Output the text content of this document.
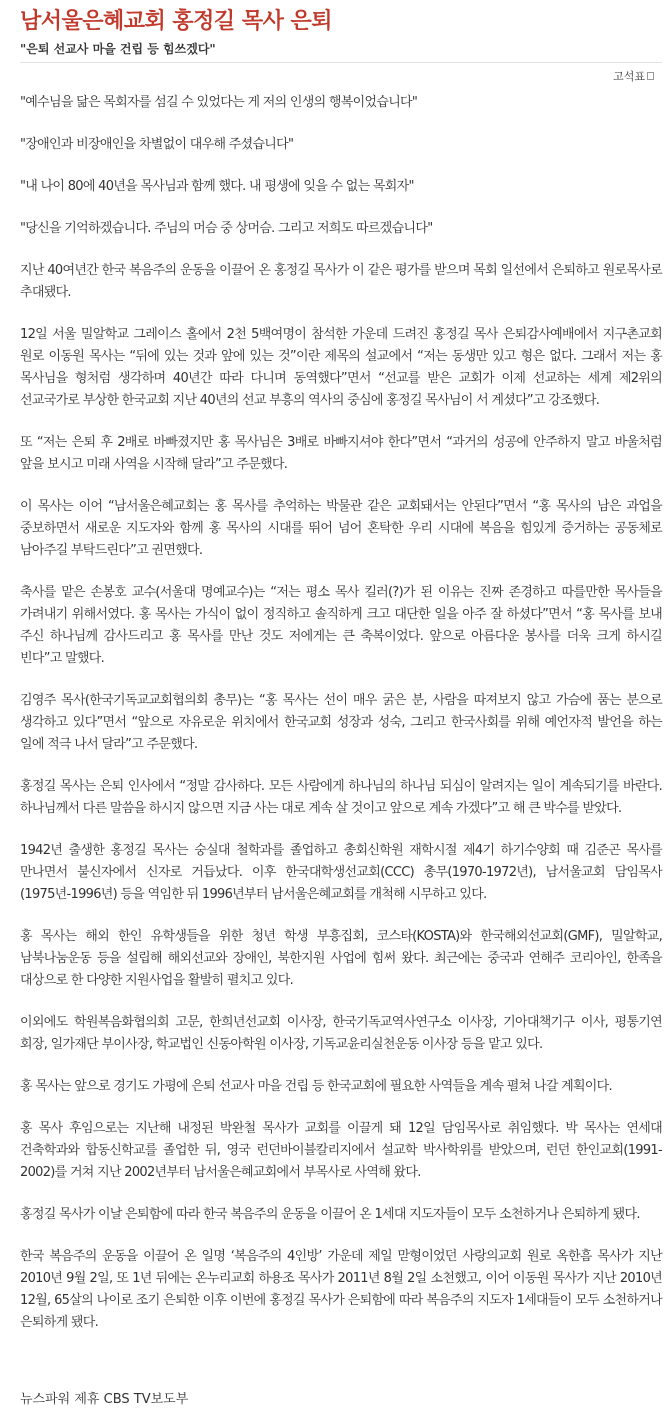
남서울은혜교회 홍정길 목사 은퇴
"은퇴 선교사 마을 건립 등 힘쓰겠다"
고석표

"예수님을 닮은 목회자를 섬길 수 있었다는 게 저의 인생의 행복이었습니다"

"장애인과 비장애인을 차별없이 대우해 주셨습니다"

"내 나이 80에 40년을 목사님과 함께 했다. 내 평생에 잊을 수 없는 목회자"

"당신을 기억하겠습니다. 주님의 머슴 중 상머슴. 그리고 저희도 따르겠습니다"

지난 40여년간 한국 복음주의 운동을 이끌어 온 홍정길 목사가 이 같은 평가를 받으며 목회 일선에서 은퇴하고 원로목사로 추대됐다.

12일 서울 밀알학교 그레이스 홀에서 2천 5백여명이 참석한 가운데 드려진 홍정길 목사 은퇴감사예배에서 지구촌교회 원로 이동원 목사는 “뒤에 있는 것과 앞에 있는 것”이란 제목의 설교에서 “저는 동생만 있고 형은 없다. 그래서 저는 홍 목사님을 형처럼 생각하며 40년간 따라 다니며 동역했다”면서 “선교를 받은 교회가 이제 선교하는 세계 제2위의 선교국가로 부상한 한국교회 지난 40년의 선교 부흥의 역사의 중심에 홍정길 목사님이 서 계셨다”고 강조했다.

또 “저는 은퇴 후 2배로 바빠졌지만 홍 목사님은 3배로 바빠지셔야 한다”면서 “과거의 성공에 안주하지 말고 바울처럼 앞을 보시고 미래 사역을 시작해 달라”고 주문했다.

이 목사는 이어 “남서울은혜교회는 홍 목사를 추억하는 박물관 같은 교회돼서는 안된다”면서 “홍 목사의 남은 과업을 중보하면서 새로운 지도자와 함께 홍 목사의 시대를 뛰어 넘어 혼탁한 우리 시대에 복음을 힘있게 증거하는 공동체로 남아주길 부탁드린다”고 권면했다.

축사를 맡은 손봉호 교수(서울대 명예교수)는 “저는 평소 목사 킬러(?)가 된 이유는 진짜 존경하고 따를만한 목사들을 가려내기 위해서였다. 홍 목사는 가식이 없이 정직하고 솔직하게 크고 대단한 일을 아주 잘 하셨다”면서 “홍 목사를 보내 주신 하나님께 감사드리고 홍 목사를 만난 것도 저에게는 큰 축복이었다. 앞으로 아름다운 봉사를 더욱 크게 하시길 빈다”고 말했다.

김영주 목사(한국기독교교회협의회 총무)는 “홍 목사는 선이 매우 굵은 분, 사람을 따져보지 않고 가슴에 품는 분으로 생각하고 있다”면서 “앞으로 자유로운 위치에서 한국교회 성장과 성숙, 그리고 한국사회를 위해 예언자적 발언을 하는 일에 적극 나서 달라”고 주문했다.

홍정길 목사는 은퇴 인사에서 “정말 감사하다. 모든 사람에게 하나님의 하나님 되심이 알려지는 일이 계속되기를 바란다. 하나님께서 다른 말씀을 하시지 않으면 지금 사는 대로 계속 살 것이고 앞으로 계속 가겠다”고 해 큰 박수를 받았다.

1942년 출생한 홍정길 목사는 숭실대 철학과를 졸업하고 총회신학원 재학시절 제4기 하기수양회 때 김준곤 목사를 만나면서 불신자에서 신자로 거듭났다. 이후 한국대학생선교회(CCC) 총무(1970-1972년), 남서울교회 담임목사(1975년-1996년) 등을 역임한 뒤 1996년부터 남서울은혜교회를 개척해 시무하고 있다.

홍 목사는 해외 한인 유학생들을 위한 청년 학생 부흥집회, 코스타(KOSTA)와 한국해외선교회(GMF), 밀알학교, 남북나눔운동 등을 설립해 해외선교와 장애인, 북한지원 사업에 힘써 왔다. 최근에는 중국과 연해주 코리아인, 한족을 대상으로 한 다양한 지원사업을 활발히 펼치고 있다.

이외에도 학원복음화협의회 고문, 한희년선교회 이사장, 한국기독교역사연구소 이사장, 기아대책기구 이사, 평통기연 회장, 일가재단 부이사장, 학교법인 신동아학원 이사장, 기독교윤리실천운동 이사장 등을 맡고 있다.

홍 목사는 앞으로 경기도 가평에 은퇴 선교사 마을 건립 등 한국교회에 필요한 사역들을 계속 펼쳐 나갈 계획이다.

홍 목사 후임으로는 지난해 내정된 박완철 목사가 교회를 이끌게 돼 12일 담임목사로 취임했다. 박 목사는 연세대 건축학과와 합동신학교를 졸업한 뒤, 영국 런던바이블칼리지에서 설교학 박사학위를 받았으며, 런던 한인교회(1991-2002)를 거쳐 지난 2002년부터 남서울은혜교회에서 부목사로 사역해 왔다.

홍정길 목사가 이날 은퇴함에 따라 한국 복음주의 운동을 이끌어 온 1세대 지도자들이 모두 소천하거나 은퇴하게 됐다.

한국 복음주의 운동을 이끌어 온 일명 ‘복음주의 4인방’ 가운데 제일 맏형이었던 사랑의교회 원로 옥한흠 목사가 지난 2010년 9월 2일, 또 1년 뒤에는 온누리교회 하용조 목사가 2011년 8월 2일 소천했고, 이어 이동원 목사가 지난 2010년 12월, 65살의 나이로 조기 은퇴한 이후 이번에 홍정길 목사가 은퇴함에 따라 복음주의 지도자 1세대들이 모두 소천하거나 은퇴하게 됐다.

뉴스파워 제휴 CBS TV보도부
